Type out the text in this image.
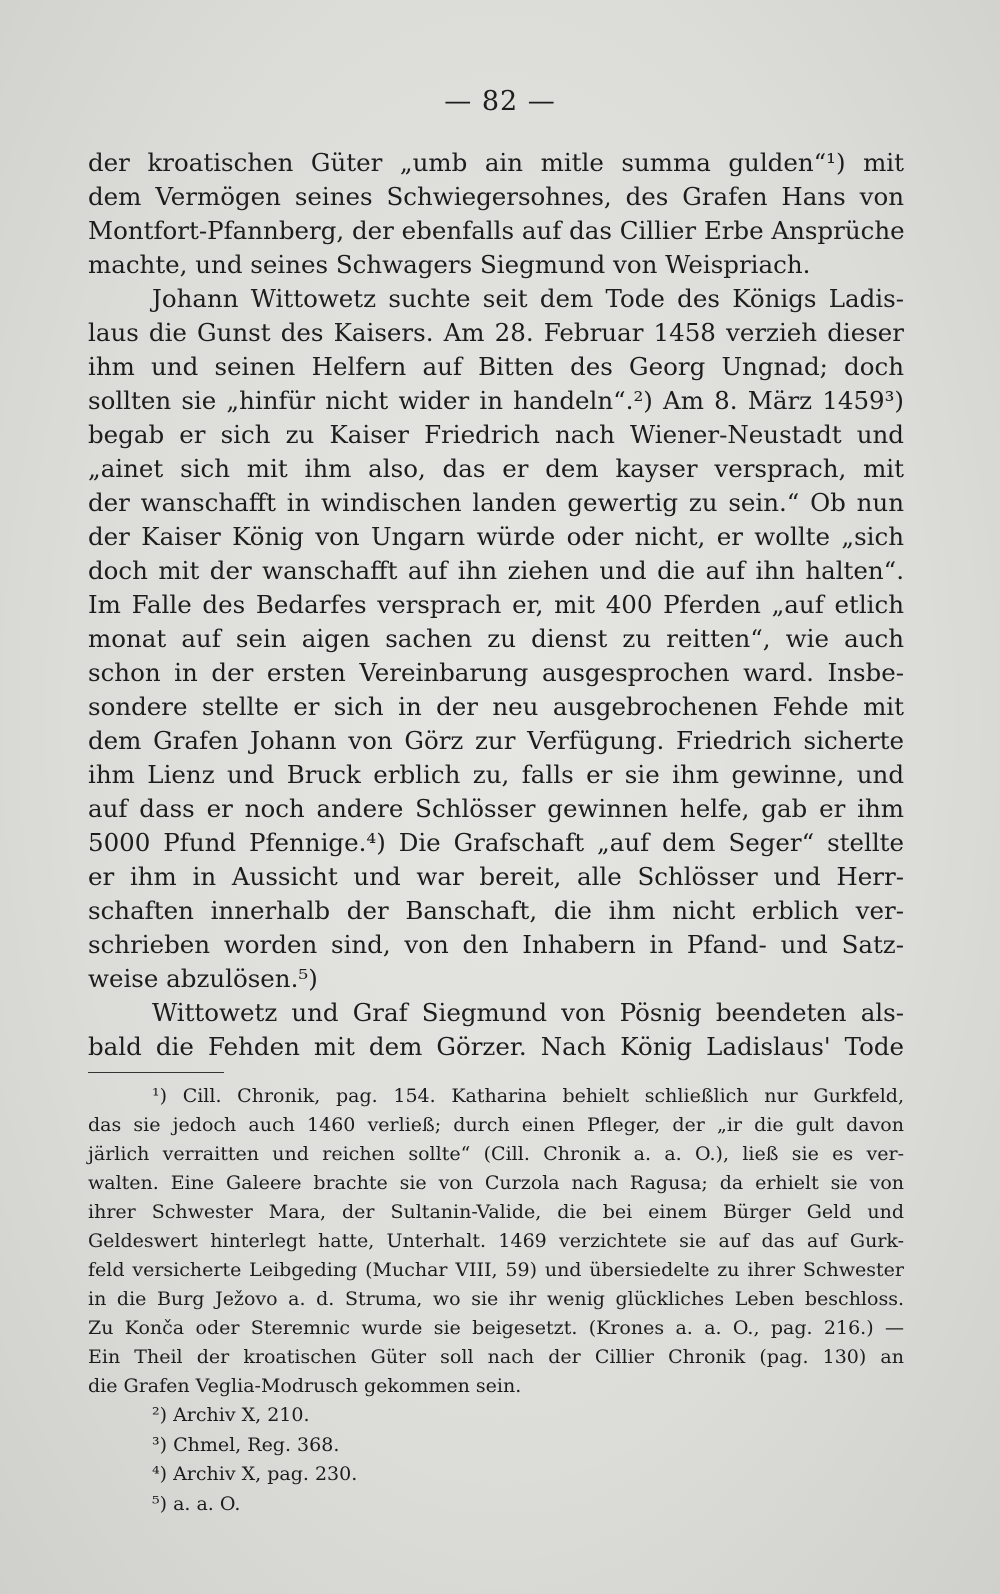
— 82 —
der kroatischen Güter „umb ain mitle summa gulden“¹) mit
dem Vermögen seines Schwiegersohnes, des Grafen Hans von
Montfort-Pfannberg, der ebenfalls auf das Cillier Erbe Ansprüche
machte, und seines Schwagers Siegmund von Weispriach.
Johann Wittowetz suchte seit dem Tode des Königs Ladis-
laus die Gunst des Kaisers. Am 28. Februar 1458 verzieh dieser
ihm und seinen Helfern auf Bitten des Georg Ungnad; doch
sollten sie „hinfür nicht wider in handeln“.²) Am 8. März 1459³)
begab er sich zu Kaiser Friedrich nach Wiener-Neustadt und
„ainet sich mit ihm also, das er dem kayser versprach, mit
der wanschafft in windischen landen gewertig zu sein.“ Ob nun
der Kaiser König von Ungarn würde oder nicht, er wollte „sich
doch mit der wanschafft auf ihn ziehen und die auf ihn halten“.
Im Falle des Bedarfes versprach er, mit 400 Pferden „auf etlich
monat auf sein aigen sachen zu dienst zu reitten“, wie auch
schon in der ersten Vereinbarung ausgesprochen ward. Insbe-
sondere stellte er sich in der neu ausgebrochenen Fehde mit
dem Grafen Johann von Görz zur Verfügung. Friedrich sicherte
ihm Lienz und Bruck erblich zu, falls er sie ihm gewinne, und
auf dass er noch andere Schlösser gewinnen helfe, gab er ihm
5000 Pfund Pfennige.⁴) Die Grafschaft „auf dem Seger“ stellte
er ihm in Aussicht und war bereit, alle Schlösser und Herr-
schaften innerhalb der Banschaft, die ihm nicht erblich ver-
schrieben worden sind, von den Inhabern in Pfand- und Satz-
weise abzulösen.⁵)
Wittowetz und Graf Siegmund von Pösnig beendeten als-
bald die Fehden mit dem Görzer. Nach König Ladislaus' Tode
¹) Cill. Chronik, pag. 154. Katharina behielt schließlich nur Gurkfeld,
das sie jedoch auch 1460 verließ; durch einen Pfleger, der „ir die gult davon
järlich verraitten und reichen sollte“ (Cill. Chronik a. a. O.), ließ sie es ver-
walten. Eine Galeere brachte sie von Curzola nach Ragusa; da erhielt sie von
ihrer Schwester Mara, der Sultanin-Valide, die bei einem Bürger Geld und
Geldeswert hinterlegt hatte, Unterhalt. 1469 verzichtete sie auf das auf Gurk-
feld versicherte Leibgeding (Muchar VIII, 59) und übersiedelte zu ihrer Schwester
in die Burg Ježovo a. d. Struma, wo sie ihr wenig glückliches Leben beschloss.
Zu Konča oder Steremnic wurde sie beigesetzt. (Krones a. a. O., pag. 216.) —
Ein Theil der kroatischen Güter soll nach der Cillier Chronik (pag. 130) an
die Grafen Veglia-Modrusch gekommen sein.
²) Archiv X, 210.
³) Chmel, Reg. 368.
⁴) Archiv X, pag. 230.
⁵) a. a. O.
